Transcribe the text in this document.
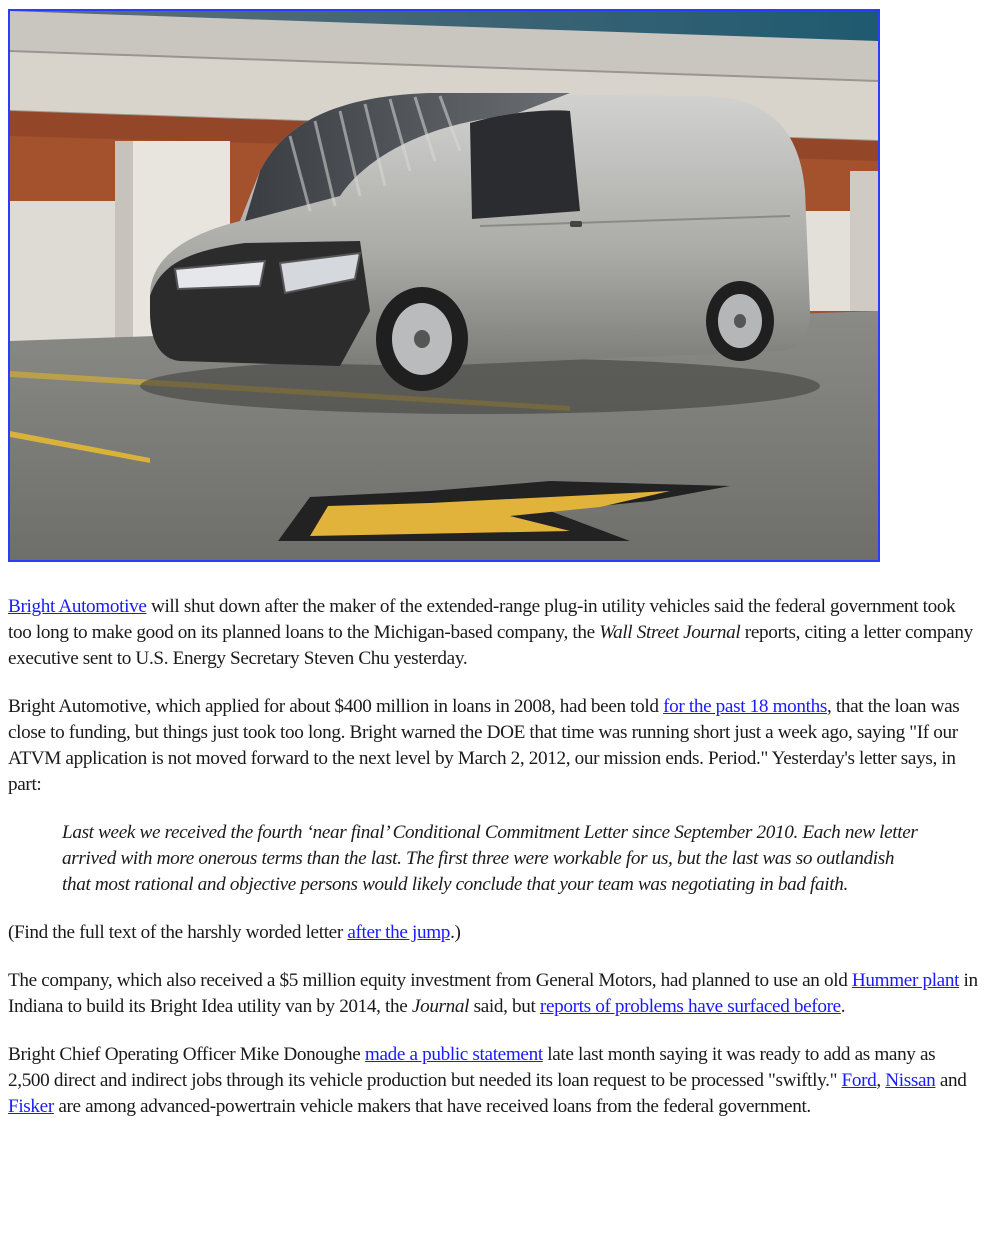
Bright Automotive will shut down after the maker of the extended-range plug-in utility vehicles said the federal government took too long to make good on its planned loans to the Michigan-based company, the Wall Street Journal reports, citing a letter company executive sent to U.S. Energy Secretary Steven Chu yesterday.

Bright Automotive, which applied for about $400 million in loans in 2008, had been told for the past 18 months, that the loan was close to funding, but things just took too long. Bright warned the DOE that time was running short just a week ago, saying "If our ATVM application is not moved forward to the next level by March 2, 2012, our mission ends. Period." Yesterday's letter says, in part:

Last week we received the fourth ‘near final’ Conditional Commitment Letter since September 2010. Each new letter arrived with more onerous terms than the last. The first three were workable for us, but the last was so outlandish that most rational and objective persons would likely conclude that your team was negotiating in bad faith.

(Find the full text of the harshly worded letter after the jump.)

The company, which also received a $5 million equity investment from General Motors, had planned to use an old Hummer plant in Indiana to build its Bright Idea utility van by 2014, the Journal said, but reports of problems have surfaced before.

Bright Chief Operating Officer Mike Donoughe made a public statement late last month saying it was ready to add as many as 2,500 direct and indirect jobs through its vehicle production but needed its loan request to be processed "swiftly." Ford, Nissan and Fisker are among advanced-powertrain vehicle makers that have received loans from the federal government.
